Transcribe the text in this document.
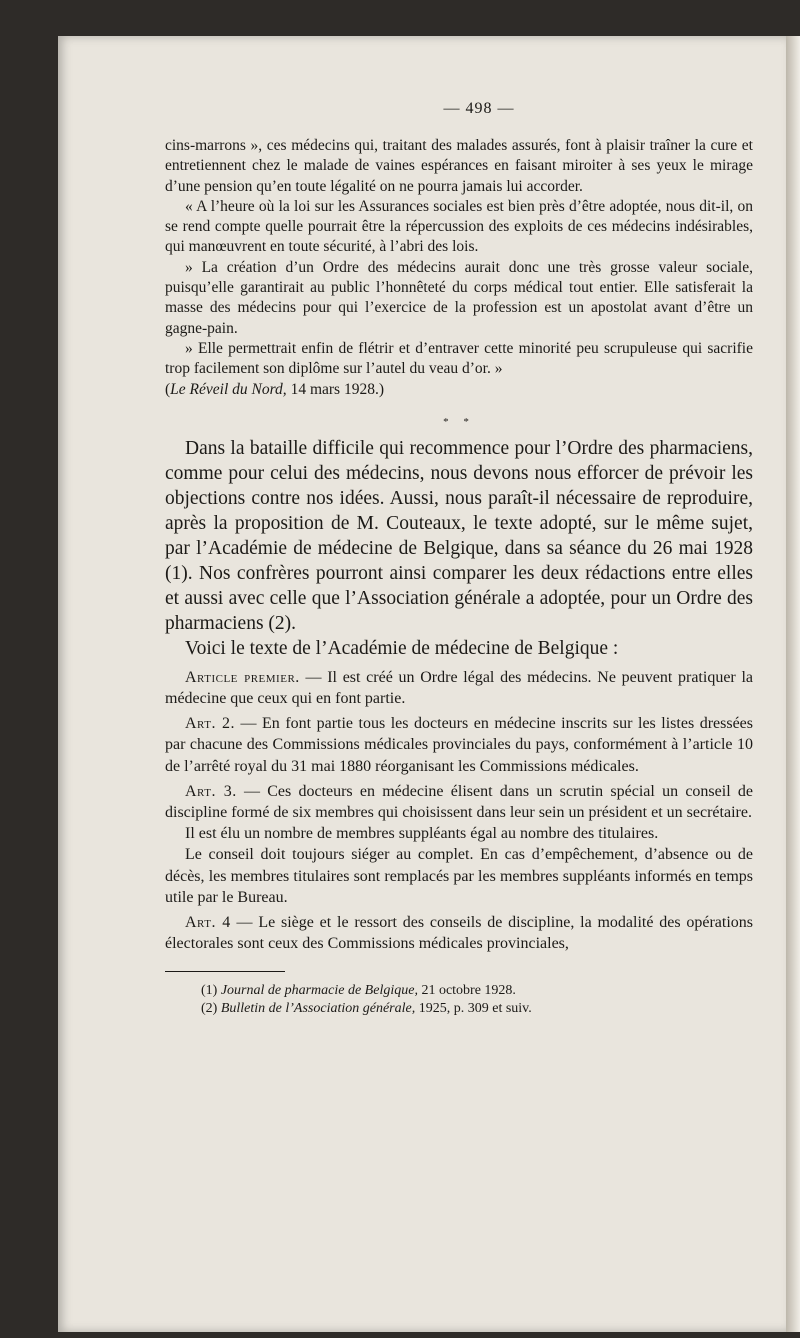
— 498 —

cins-marrons », ces médecins qui, traitant des malades assurés, font à plaisir traîner la cure et entretiennent chez le malade de vaines espérances en faisant miroiter à ses yeux le mirage d’une pension qu’en toute légalité on ne pourra jamais lui accorder.

« A l’heure où la loi sur les Assurances sociales est bien près d’être adoptée, nous dit-il, on se rend compte quelle pourrait être la répercussion des exploits de ces médecins indésirables, qui manœuvrent en toute sécurité, à l’abri des lois.

» La création d’un Ordre des médecins aurait donc une très grosse valeur sociale, puisqu’elle garantirait au public l’honnêteté du corps médical tout entier. Elle satisferait la masse des médecins pour qui l’exercice de la profession est un apostolat avant d’être un gagne-pain.

» Elle permettrait enfin de flétrir et d’entraver cette minorité peu scrupuleuse qui sacrifie trop facilement son diplôme sur l’autel du veau d’or. »

(Le Réveil du Nord, 14 mars 1928.)

* *

Dans la bataille difficile qui recommence pour l’Ordre des pharmaciens, comme pour celui des médecins, nous devons nous efforcer de prévoir les objections contre nos idées. Aussi, nous paraît-il nécessaire de reproduire, après la proposition de M. Couteaux, le texte adopté, sur le même sujet, par l’Académie de médecine de Belgique, dans sa séance du 26 mai 1928 (1). Nos confrères pourront ainsi comparer les deux rédactions entre elles et aussi avec celle que l’Association générale a adoptée, pour un Ordre des pharmaciens (2).

Voici le texte de l’Académie de médecine de Belgique :

Article premier. — Il est créé un Ordre légal des médecins. Ne peuvent pratiquer la médecine que ceux qui en font partie.

Art. 2. — En font partie tous les docteurs en médecine inscrits sur les listes dressées par chacune des Commissions médicales provinciales du pays, conformément à l’article 10 de l’arrêté royal du 31 mai 1880 réorganisant les Commissions médicales.

Art. 3. — Ces docteurs en médecine élisent dans un scrutin spécial un conseil de discipline formé de six membres qui choisissent dans leur sein un président et un secrétaire.

Il est élu un nombre de membres suppléants égal au nombre des titulaires.

Le conseil doit toujours siéger au complet. En cas d’empêchement, d’absence ou de décès, les membres titulaires sont remplacés par les membres suppléants informés en temps utile par le Bureau.

Art. 4 — Le siège et le ressort des conseils de discipline, la modalité des opérations électorales sont ceux des Commissions médicales provinciales,

(1) Journal de pharmacie de Belgique, 21 octobre 1928.

(2) Bulletin de l’Association générale, 1925, p. 309 et suiv.
